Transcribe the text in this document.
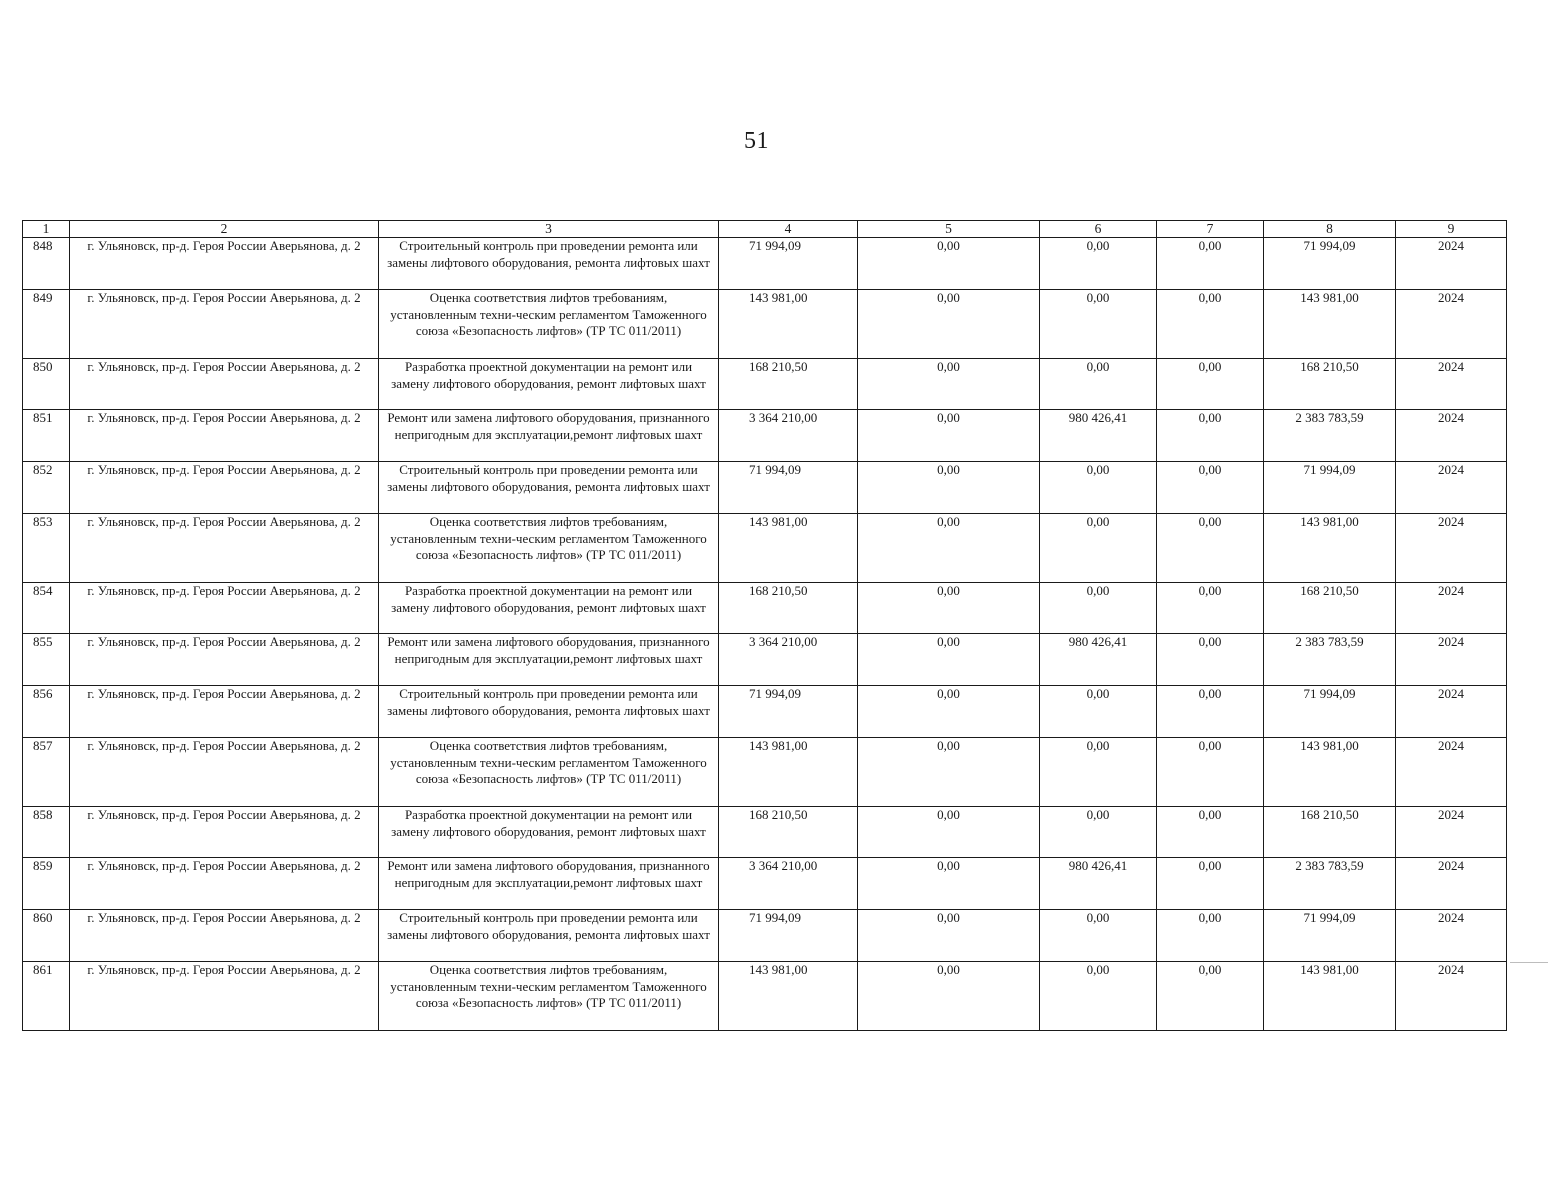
51
1	2	3	4	5	6	7	8	9
848	г. Ульяновск, пр-д. Героя России Аверьянова, д. 2	Строительный контроль при проведении ремонта или замены лифтового оборудования, ремонта лифтовых шахт	71 994,09	0,00	0,00	0,00	71 994,09	2024
849	г. Ульяновск, пр-д. Героя России Аверьянова, д. 2	Оценка соответствия лифтов требованиям, установленным техни-ческим регламентом Таможенного союза «Безопасность лифтов» (ТР ТС 011/2011)	143 981,00	0,00	0,00	0,00	143 981,00	2024
850	г. Ульяновск, пр-д. Героя России Аверьянова, д. 2	Разработка проектной документации на ремонт или замену лифтового оборудования, ремонт лифтовых шахт	168 210,50	0,00	0,00	0,00	168 210,50	2024
851	г. Ульяновск, пр-д. Героя России Аверьянова, д. 2	Ремонт или замена лифтового оборудования, признанного непригодным для эксплуатации,ремонт лифтовых шахт	3 364 210,00	0,00	980 426,41	0,00	2 383 783,59	2024
852	г. Ульяновск, пр-д. Героя России Аверьянова, д. 2	Строительный контроль при проведении ремонта или замены лифтового оборудования, ремонта лифтовых шахт	71 994,09	0,00	0,00	0,00	71 994,09	2024
853	г. Ульяновск, пр-д. Героя России Аверьянова, д. 2	Оценка соответствия лифтов требованиям, установленным техни-ческим регламентом Таможенного союза «Безопасность лифтов» (ТР ТС 011/2011)	143 981,00	0,00	0,00	0,00	143 981,00	2024
854	г. Ульяновск, пр-д. Героя России Аверьянова, д. 2	Разработка проектной документации на ремонт или замену лифтового оборудования, ремонт лифтовых шахт	168 210,50	0,00	0,00	0,00	168 210,50	2024
855	г. Ульяновск, пр-д. Героя России Аверьянова, д. 2	Ремонт или замена лифтового оборудования, признанного непригодным для эксплуатации,ремонт лифтовых шахт	3 364 210,00	0,00	980 426,41	0,00	2 383 783,59	2024
856	г. Ульяновск, пр-д. Героя России Аверьянова, д. 2	Строительный контроль при проведении ремонта или замены лифтового оборудования, ремонта лифтовых шахт	71 994,09	0,00	0,00	0,00	71 994,09	2024
857	г. Ульяновск, пр-д. Героя России Аверьянова, д. 2	Оценка соответствия лифтов требованиям, установленным техни-ческим регламентом Таможенного союза «Безопасность лифтов» (ТР ТС 011/2011)	143 981,00	0,00	0,00	0,00	143 981,00	2024
858	г. Ульяновск, пр-д. Героя России Аверьянова, д. 2	Разработка проектной документации на ремонт или замену лифтового оборудования, ремонт лифтовых шахт	168 210,50	0,00	0,00	0,00	168 210,50	2024
859	г. Ульяновск, пр-д. Героя России Аверьянова, д. 2	Ремонт или замена лифтового оборудования, признанного непригодным для эксплуатации,ремонт лифтовых шахт	3 364 210,00	0,00	980 426,41	0,00	2 383 783,59	2024
860	г. Ульяновск, пр-д. Героя России Аверьянова, д. 2	Строительный контроль при проведении ремонта или замены лифтового оборудования, ремонта лифтовых шахт	71 994,09	0,00	0,00	0,00	71 994,09	2024
861	г. Ульяновск, пр-д. Героя России Аверьянова, д. 2	Оценка соответствия лифтов требованиям, установленным техни-ческим регламентом Таможенного союза «Безопасность лифтов» (ТР ТС 011/2011)	143 981,00	0,00	0,00	0,00	143 981,00	2024
